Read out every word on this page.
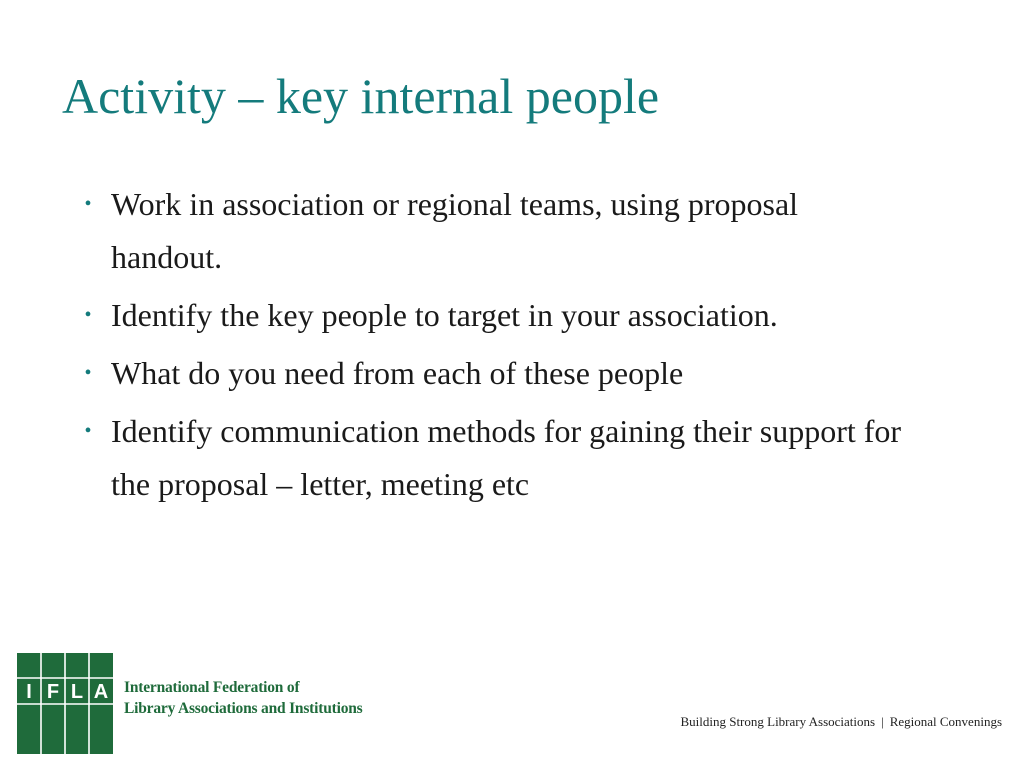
Activity – key internal people
• Work in association or regional teams, using proposal handout.
• Identify the key people to target in your association.
• What do you need from each of these people
• Identify communication methods for gaining their support for the proposal – letter, meeting etc
I F L A International Federation of
Library Associations and Institutions
Building Strong Library Associations | Regional Convenings
